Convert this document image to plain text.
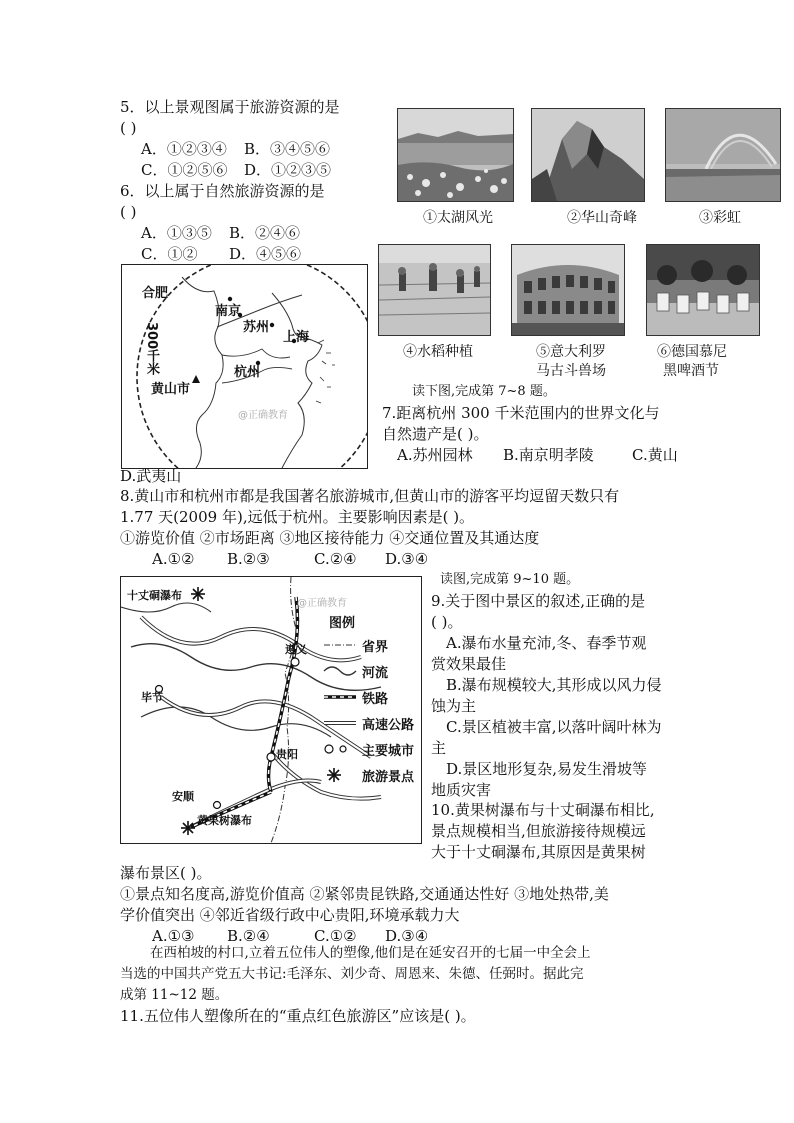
5．以上景观图属于旅游资源的是
( )
A．①②③④ B．③④⑤⑥
C．①②⑤⑥ D．①②③⑤
6．以上属于自然旅游资源的是
( )
A．①③⑤ B．②④⑥
C．①② D．④⑤⑥
①太湖风光	②华山奇峰	③彩虹
④水稻种植	⑤意大利罗
马古斗兽场
⑥德国慕尼
黑啤酒节
合肥
南京
苏州
上海
杭州
黄山市
300千米
@正确教育
读下图,完成第 7~8 题。
7.距离杭州 300 千米范围内的世界文化与
自然遗产是( )。
A.苏州园林 B.南京明孝陵	C.黄山
D.武夷山
8.黄山市和杭州市都是我国著名旅游城市,但黄山市的游客平均逗留天数只有
1.77 天(2009 年),远低于杭州。主要影响因素是( )。
①游览价值 ②市场距离 ③地区接待能力 ④交通位置及其通达度
A.①② B.②③	C.②④ D.③④
读图,完成第 9~10 题。
十丈硐瀑布
@正确教育
图例
遵义	省界
河流
毕节	铁路
高速公路
主要城市
贵阳
旅游景点
安顺
黄果树瀑布
9.关于图中景区的叙述,正确的是
( )。
A.瀑布水量充沛,冬、春季节观
赏效果最佳
B.瀑布规模较大,其形成以风力侵
蚀为主
C.景区植被丰富,以落叶阔叶林为
主
D.景区地形复杂,易发生滑坡等
地质灾害
10.黄果树瀑布与十丈硐瀑布相比,
景点规模相当,但旅游接待规模远
大于十丈硐瀑布,其原因是黄果树
瀑布景区( )。
①景点知名度高,游览价值高 ②紧邻贵昆铁路,交通通达性好 ③地处热带,美
学价值突出 ④邻近省级行政中心贵阳,环境承载力大
A.①③ B.②④	C.①② D.③④
在西柏坡的村口,立着五位伟人的塑像,他们是在延安召开的七届一中全会上
当选的中国共产党五大书记:毛泽东、刘少奇、周恩来、朱德、任弼时。据此完
成第 11~12 题。
11.五位伟人塑像所在的“重点红色旅游区”应该是( )。
